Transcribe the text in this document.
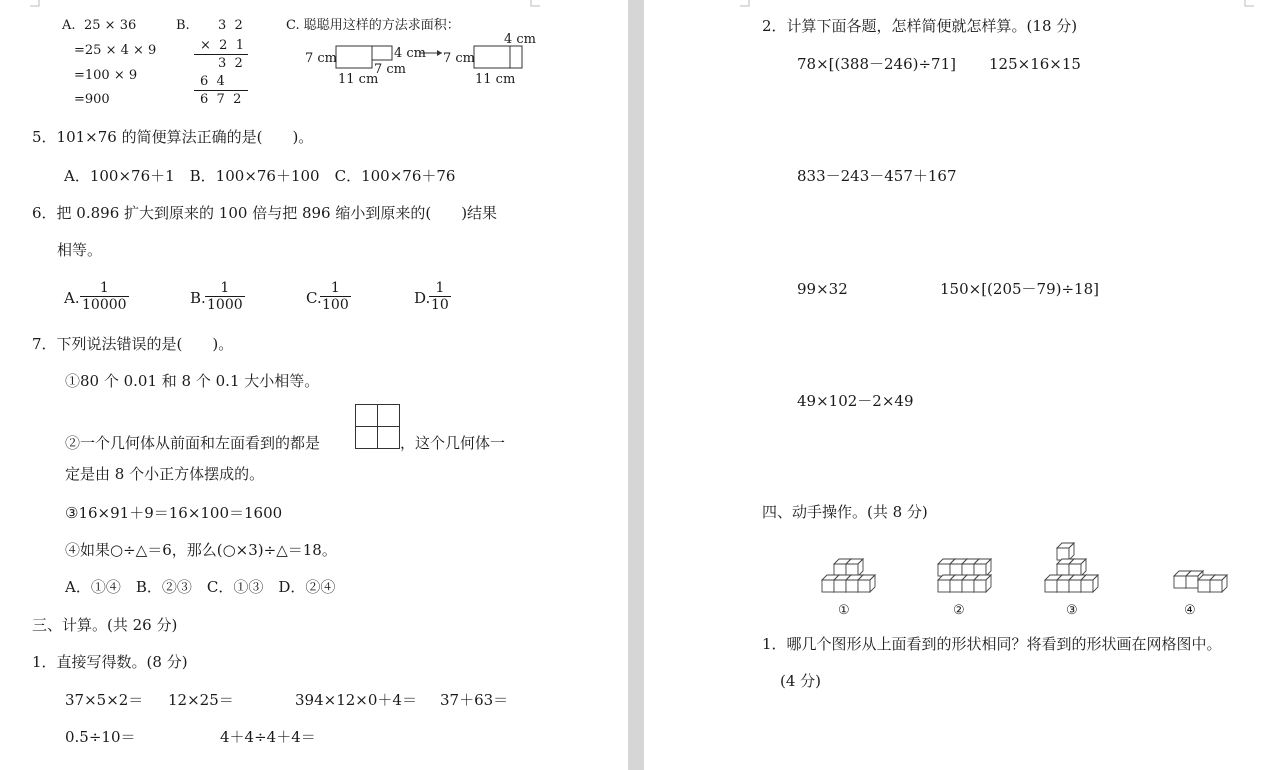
A. 25 × 36
=25 × 4 × 9
=100 × 9
=900
B. 3  2
×  2  1
3  2
6  4
6  7  2
C. 聪聪用这样的方法求面积：
7 cm	4 cm 7 cm
11 cm
7 cm
4 cm
11 cm
5．101×76 的简便算法正确的是(　　)。
A．100×76＋1　B．100×76＋100　C．100×76＋76
6．把 0.896 扩大到原来的 100 倍与把 896 缩小到原来的(　　)结果
相等。
A. $\frac{1}{10000}$	B. $\frac{1}{1000}$	C.
$\frac{1}{100}$	D.
$\frac{1}{10}$
7．下列说法错误的是(　　)。
①80 个 0.01 和 8 个 0.1 大小相等。
②一个几何体从前面和左面看到的都是	，这个几何体一
定是由 8 个小正方体摆成的。
③16×91＋9＝16×100＝1600
④如果○÷△＝6，那么(○×3)÷△＝18。
A．①④　B．②③　C．①③　D．②④
三、计算。(共 26 分)
1．直接写得数。(8 分)
37×5×2＝ 12×25＝	394×12×0＋4＝ 37＋63＝
0.5÷10＝	4＋4÷4＋4＝
2．计算下面各题，怎样简便就怎样算。(18 分)
78×[(388－246)÷71] 125×16×15
833－243－457＋167
99×32	150×[(205－79)÷18]
49×102－2×49
四、动手操作。(共 8 分)
①	②	③	④
1．哪几个图形从上面看到的形状相同？将看到的形状画在网格图中。
(4 分)
